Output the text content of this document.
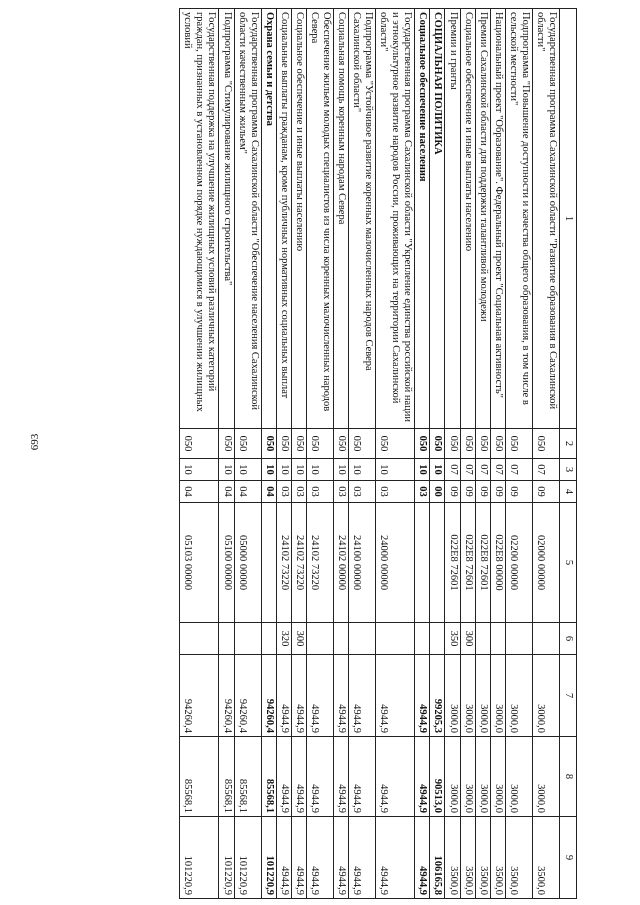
693
1	2	3	4	5	6	7	8	9
Государственная программа Сахалинской области "Развитие образования в Сахалинской области"	050	07	09	02000 00000		3000,0	3000,0	3500,0
Подпрограмма "Повышение доступности и качества общего образования, в том числе в сельской местности"	050	07	09	02200 00000		3000,0	3000,0	3500,0
Национальный проект "Образование". Федеральный проект "Социальная активность"	050	07	09	022E8 00000		3000,0	3000,0	3500,0
Премии Сахалинской области для поддержки талантливой молодежи	050	07	09	022E8 72601		3000,0	3000,0	3500,0
Социальное обеспечение и иные выплаты населению	050	07	09	022E8 72601	300	3000,0	3000,0	3500,0
Премии и гранты	050	07	09	022E8 72601	350	3000,0	3000,0	3500,0
СОЦИАЛЬНАЯ ПОЛИТИКА	050	10	00			99205,3	90513,0	106165,8
Социальное обеспечение населения	050	10	03			4944,9	4944,9	4944,9
Государственная программа Сахалинской области "Укрепление единства российской нации и этнокультурное развитие народов России, проживающих на территории Сахалинской области"	050	10	03	24000 00000		4944,9	4944,9	4944,9
Подпрограмма "Устойчивое развитие коренных малочисленных народов Севера Сахалинской области"	050	10	03	24100 00000		4944,9	4944,9	4944,9
Социальная помощь коренным народам Севера	050	10	03	24102 00000		4944,9	4944,9	4944,9
Обеспечение жильем молодых специалистов из числа коренных малочисленных народов Севера	050	10	03	24102 73220		4944,9	4944,9	4944,9
Социальное обеспечение и иные выплаты населению	050	10	03	24102 73220	300	4944,9	4944,9	4944,9
Социальные выплаты гражданам, кроме публичных нормативных социальных выплат	050	10	03	24102 73220	320	4944,9	4944,9	4944,9
Охрана семьи и детства	050	10	04			94260,4	85568,1	101220,9
Государственная программа Сахалинской области "Обеспечение населения Сахалинской области качественным жильем"	050	10	04	05000 00000		94260,4	85568,1	101220,9
Подпрограмма "Стимулирование жилищного строительства"	050	10	04	05100 00000		94260,4	85568,1	101220,9
Государственная поддержка на улучшение жилищных условий различных категорий граждан, признанных в установленном порядке нуждающимися в улучшении жилищных условий	050	10	04	05103 00000		94260,4	85568,1	101220,9
